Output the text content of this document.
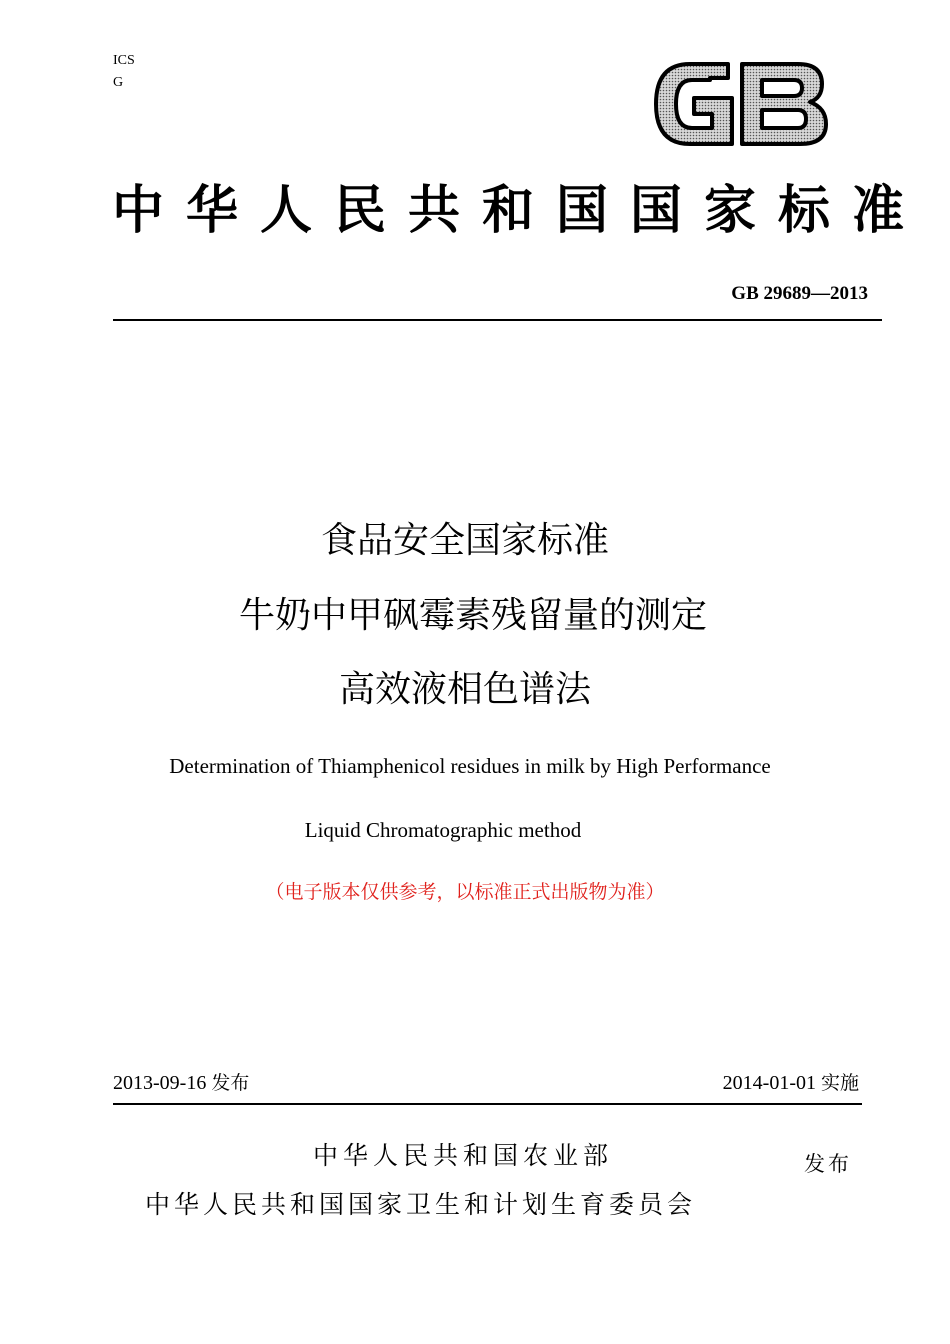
ICS
G
中华人民共和国国家标准
GB 29689—2013
食品安全国家标准
牛奶中甲砜霉素残留量的测定
高效液相色谱法
Determination of Thiamphenicol residues in milk by High Performance
Liquid Chromatographic method
（电子版本仅供参考，以标准正式出版物为准）
2013-09-16 发布	2014-01-01 实施
中华人民共和国农业部	发布
中华人民共和国国家卫生和计划生育委员会
